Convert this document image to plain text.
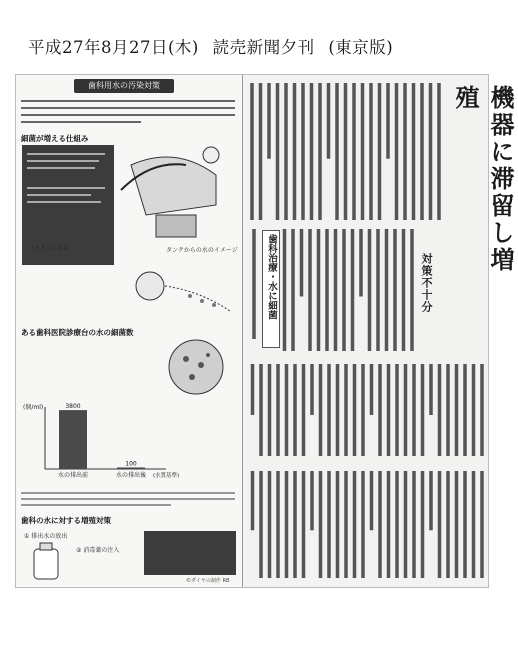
平成27年8月27日(木) 読売新聞夕刊 (東京版)
歯科用水の汚染対策
細菌が増える仕組み
バイオフィルム	タンクからの水のイメージ
ある歯科医院診療台の水の細菌数
(個/ml)	3800
水の排出前
100
水の排出後 (水質基準)
歯科の水に対する増殖対策
① 排出水の放出
② 消毒薬の注入
©ダイヤの制作 RB
機器に滞留し増殖
対策不十分
歯科治療・水に細菌
